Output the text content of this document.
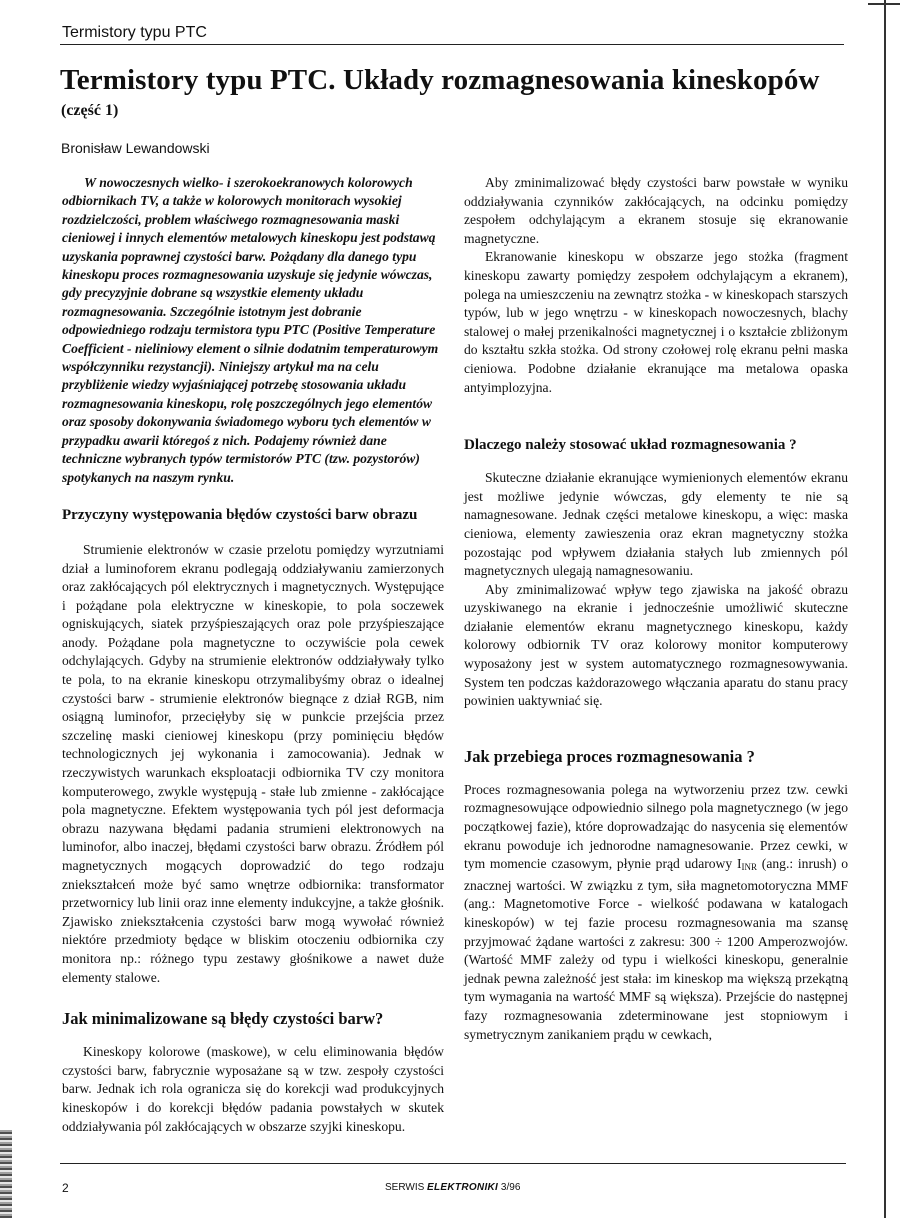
Termistory typu PTC
Termistory typu PTC. Układy rozmagnesowania kineskopów
(część 1)
Bronisław Lewandowski

W nowoczesnych wielko- i szerokoekranowych kolorowych odbiornikach TV, a także w kolorowych monitorach wysokiej rozdzielczości, problem właściwego rozmagnesowania maski cieniowej i innych elementów metalowych kineskopu jest podstawą uzyskania poprawnej czystości barw. Pożądany dla danego typu kineskopu proces rozmagnesowania uzyskuje się jedynie wówczas, gdy precyzyjnie dobrane są wszystkie elementy układu rozmagnesowania. Szczególnie istotnym jest dobranie odpowiedniego rodzaju termistora typu PTC (Positive Temperature Coefficient - nieliniowy element o silnie dodatnim temperaturowym współczynniku rezystancji). Niniejszy artykuł ma na celu przybliżenie wiedzy wyjaśniającej potrzebę stosowania układu rozmagnesowania kineskopu, rolę poszczególnych jego elementów oraz sposoby dokonywania świadomego wyboru tych elementów w przypadku awarii któregoś z nich. Podajemy również dane techniczne wybranych typów termistorów PTC (tzw. pozystorów) spotykanych na naszym rynku.

Przyczyny występowania błędów czystości barw obrazu

Strumienie elektronów w czasie przelotu pomiędzy wyrzutniami dział a luminoforem ekranu podlegają oddziaływaniu zamierzonych oraz zakłócających pól elektrycznych i magnetycznych. Występujące i pożądane pola elektryczne w kineskopie, to pola soczewek ogniskujących, siatek przyśpieszających oraz pole przyśpieszające anody. Pożądane pola magnetyczne to oczywiście pola cewek odchylających. Gdyby na strumienie elektronów oddziaływały tylko te pola, to na ekranie kineskopu otrzymalibyśmy obraz o idealnej czystości barw - strumienie elektronów biegnące z dział RGB, nim osiągną luminofor, przecięłyby się w punkcie przejścia przez szczelinę maski cieniowej kineskopu (przy pominięciu błędów technologicznych jej wykonania i zamocowania). Jednak w rzeczywistych warunkach eksploatacji odbiornika TV czy monitora komputerowego, zwykle występują - stałe lub zmienne - zakłócające pola magnetyczne. Efektem występowania tych pól jest deformacja obrazu nazywana błędami padania strumieni elektronowych na luminofor, albo inaczej, błędami czystości barw obrazu. Źródłem pól magnetycznych mogących doprowadzić do tego rodzaju zniekształceń może być samo wnętrze odbiornika: transformator przetwornicy lub linii oraz inne elementy indukcyjne, a także głośnik. Zjawisko zniekształcenia czystości barw mogą wywołać również niektóre przedmioty będące w bliskim otoczeniu odbiornika czy monitora np.: różnego typu zestawy głośnikowe a nawet duże elementy stalowe.

Jak minimalizowane są błędy czystości barw?

Kineskopy kolorowe (maskowe), w celu eliminowania błędów czystości barw, fabrycznie wyposażane są w tzw. zespoły czystości barw. Jednak ich rola ogranicza się do korekcji wad produkcyjnych kineskopów i do korekcji błędów padania powstałych w skutek oddziaływania pól zakłócających w obszarze szyjki kineskopu.

Aby zminimalizować błędy czystości barw powstałe w wyniku oddziaływania czynników zakłócających, na odcinku pomiędzy zespołem odchylającym a ekranem stosuje się ekranowanie magnetyczne.

Ekranowanie kineskopu w obszarze jego stożka (fragment kineskopu zawarty pomiędzy zespołem odchylającym a ekranem), polega na umieszczeniu na zewnątrz stożka - w kineskopach starszych typów, lub w jego wnętrzu - w kineskopach nowoczesnych, blachy stalowej o małej przenikalności magnetycznej i o kształcie zbliżonym do kształtu szkła stożka. Od strony czołowej rolę ekranu pełni maska cieniowa. Podobne działanie ekranujące ma metalowa opaska antyimplozyjna.

Dlaczego należy stosować układ rozmagnesowania ?

Skuteczne działanie ekranujące wymienionych elementów ekranu jest możliwe jedynie wówczas, gdy elementy te nie są namagnesowane. Jednak części metalowe kineskopu, a więc: maska cieniowa, elementy zawieszenia oraz ekran magnetyczny stożka pozostając pod wpływem działania stałych lub zmiennych pól magnetycznych ulegają namagnesowaniu.

Aby zminimalizować wpływ tego zjawiska na jakość obrazu uzyskiwanego na ekranie i jednocześnie umożliwić skuteczne działanie elementów ekranu magnetycznego kineskopu, każdy kolorowy odbiornik TV oraz kolorowy monitor komputerowy wyposażony jest w system automatycznego rozmagnesowywania. System ten podczas każdorazowego włączania aparatu do stanu pracy powinien uaktywniać się.

Jak przebiega proces rozmagnesowania ?

Proces rozmagnesowania polega na wytworzeniu przez tzw. cewki rozmagnesowujące odpowiednio silnego pola magnetycznego (w jego początkowej fazie), które doprowadzając do nasycenia się elementów ekranu powoduje ich jednorodne namagnesowanie. Przez cewki, w tym momencie czasowym, płynie prąd udarowy $I_{INR}$ (ang.: inrush) o znacznej wartości. W związku z tym, siła magnetomotoryczna MMF (ang.: Magnetomotive Force - wielkość podawana w katalogach kineskopów) w tej fazie procesu rozmagnesowania ma szansę przyjmować żądane wartości z zakresu: 300 ÷ 1200 Amperozwojów. (Wartość MMF zależy od typu i wielkości kineskopu, generalnie jednak pewna zależność jest stała: im kineskop ma większą przekątną tym wymagania na wartość MMF są większa). Przejście do następnej fazy rozmagnesowania zdeterminowane jest stopniowym i symetrycznym zanikaniem prądu w cewkach,

2	SERWIS ELEKTRONIKI 3/96
